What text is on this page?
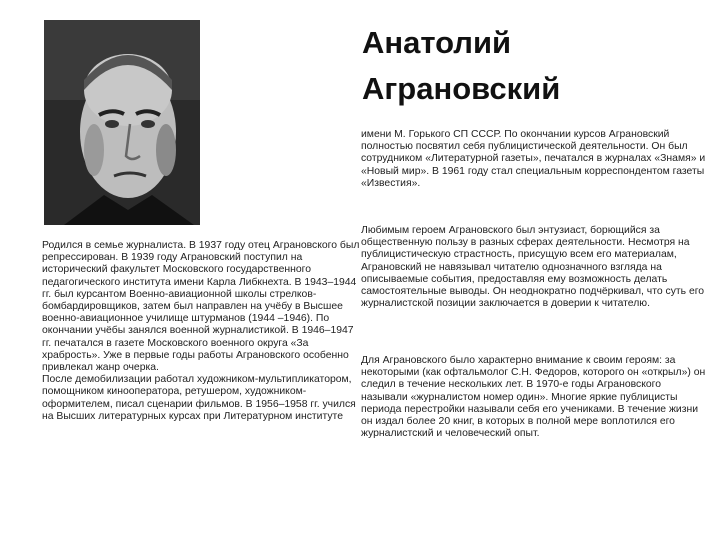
Анатолий Аграновский

имени М. Горького СП СССР. По окончании курсов Аграновский полностью посвятил себя публицистической деятельности. Он был сотрудником «Литературной газеты», печатался в журналах «Знамя» и «Новый мир». В 1961 году стал специальным корреспондентом газеты «Известия».

Любимым героем Аграновского был энтузиаст, борющийся за общественную пользу в разных сферах деятельности. Несмотря на публицистическую страстность, присущую всем его материалам, Аграновский не навязывал читателю однозначного взгляда на описываемые события, предоставляя ему возможность делать самостоятельные выводы. Он неоднократно подчёркивал, что суть его журналистской позиции заключается в доверии к читателю.

Для Аграновского было характерно внимание к своим героям: за некоторыми (как офтальмолог С.Н. Федоров, которого он «открыл») он следил в течение нескольких лет. В 1970-е годы Аграновского называли «журналистом номер один». Многие яркие публицисты периода перестройки называли себя его учениками. В течение жизни он издал более 20 книг, в которых в полной мере воплотился его журналистский и человеческий опыт.

Родился в семье журналиста. В 1937 году отец Аграновского был репрессирован. В 1939 году Аграновский поступил на исторический факультет Московского государственного педагогического института имени Карла Либкнехта. В 1943–1944 гг. был курсантом Военно-авиационной школы стрелков-бомбардировщиков, затем был направлен на учёбу в Высшее военно-авиационное училище штурманов (1944 –1946). По окончании учёбы занялся военной журналистикой. В 1946–1947 гг. печатался в газете Московского военного округа «За храбрость». Уже в первые годы работы Аграновского особенно привлекал жанр очерка.

После демобилизации работал художником-мультипликатором, помощником кинооператора, ретушером, художником-оформителем, писал сценарии фильмов. В 1956–1958 гг. учился на Высших литературных курсах при Литературном институте
